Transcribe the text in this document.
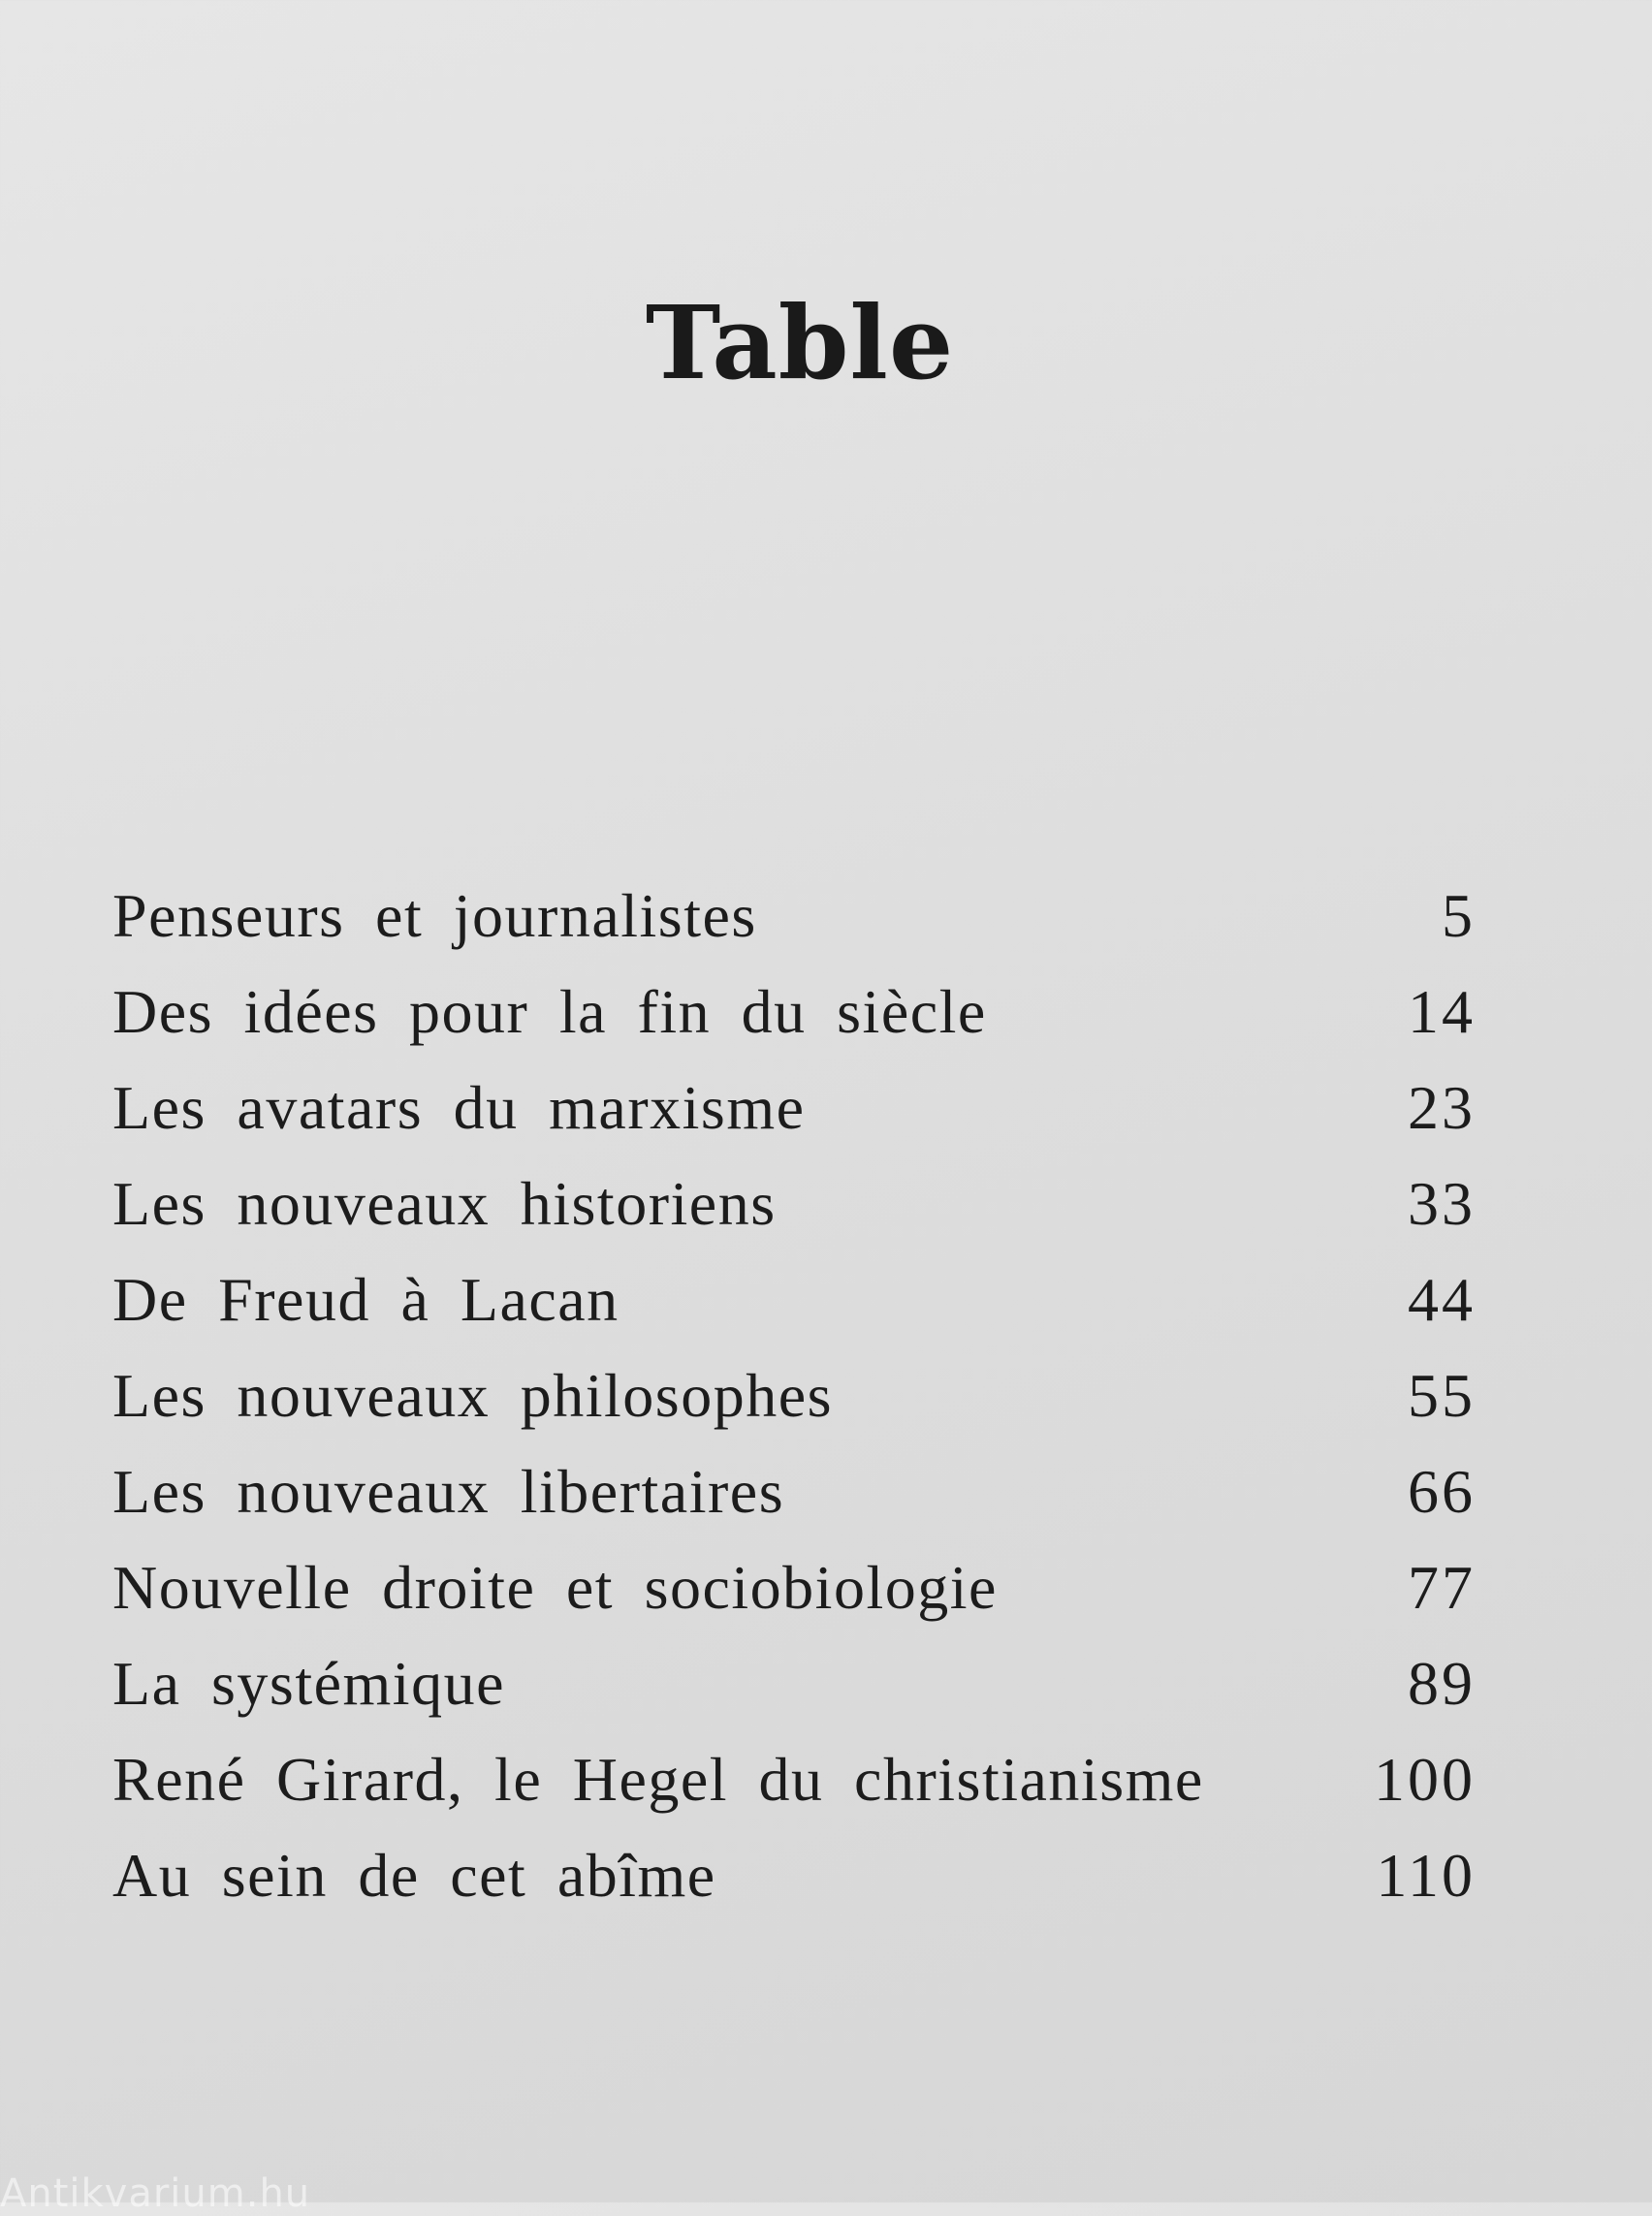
Table
Penseurs et journalistes	5
Des idées pour la fin du siècle	14
Les avatars du marxisme	23
Les nouveaux historiens	33
De Freud à Lacan	44
Les nouveaux philosophes	55
Les nouveaux libertaires	66
Nouvelle droite et sociobiologie	77
La systémique	89
René Girard, le Hegel du christianisme	100
Au sein de cet abîme	110
Antikvarium.hu
